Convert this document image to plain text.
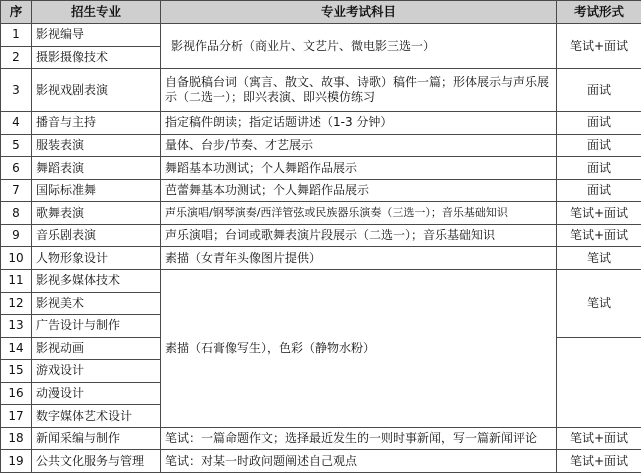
序	招生专业	专业考试科目	考试形式
1	影视编导	影视作品分析（商业片、文艺片、微电影三选一）	笔试+面试
2	摄影摄像技术		
3	影视戏剧表演	自备脱稿台词（寓言、散文、故事、诗歌）稿件一篇；形体展示与声乐展示（二选一）；即兴表演、即兴模仿练习	面试
4	播音与主持	指定稿件朗读；指定话题讲述（1-3 分钟）	面试
5	服装表演	量体、台步/节奏、才艺展示	面试
6	舞蹈表演	舞蹈基本功测试；个人舞蹈作品展示	面试
7	国际标准舞	芭蕾舞基本功测试；个人舞蹈作品展示	面试
8	歌舞表演	声乐演唱/钢琴演奏/西洋管弦或民族器乐演奏（三选一）；音乐基础知识	笔试+面试
9	音乐剧表演	声乐演唱；台词或歌舞表演片段展示（二选一）；音乐基础知识	笔试+面试
10	人物形象设计	素描（女青年头像图片提供）	笔试
11	影视多媒体技术	素描（石膏像写生），色彩（静物水粉）	笔试
12	影视美术		
13	广告设计与制作		
14	影视动画		
15	游戏设计		
16	动漫设计		
17	数字媒体艺术设计		
18	新闻采编与制作	笔试：一篇命题作文；选择最近发生的一则时事新闻，写一篇新闻评论	笔试+面试
19	公共文化服务与管理	笔试：对某一时政问题阐述自己观点	笔试+面试
